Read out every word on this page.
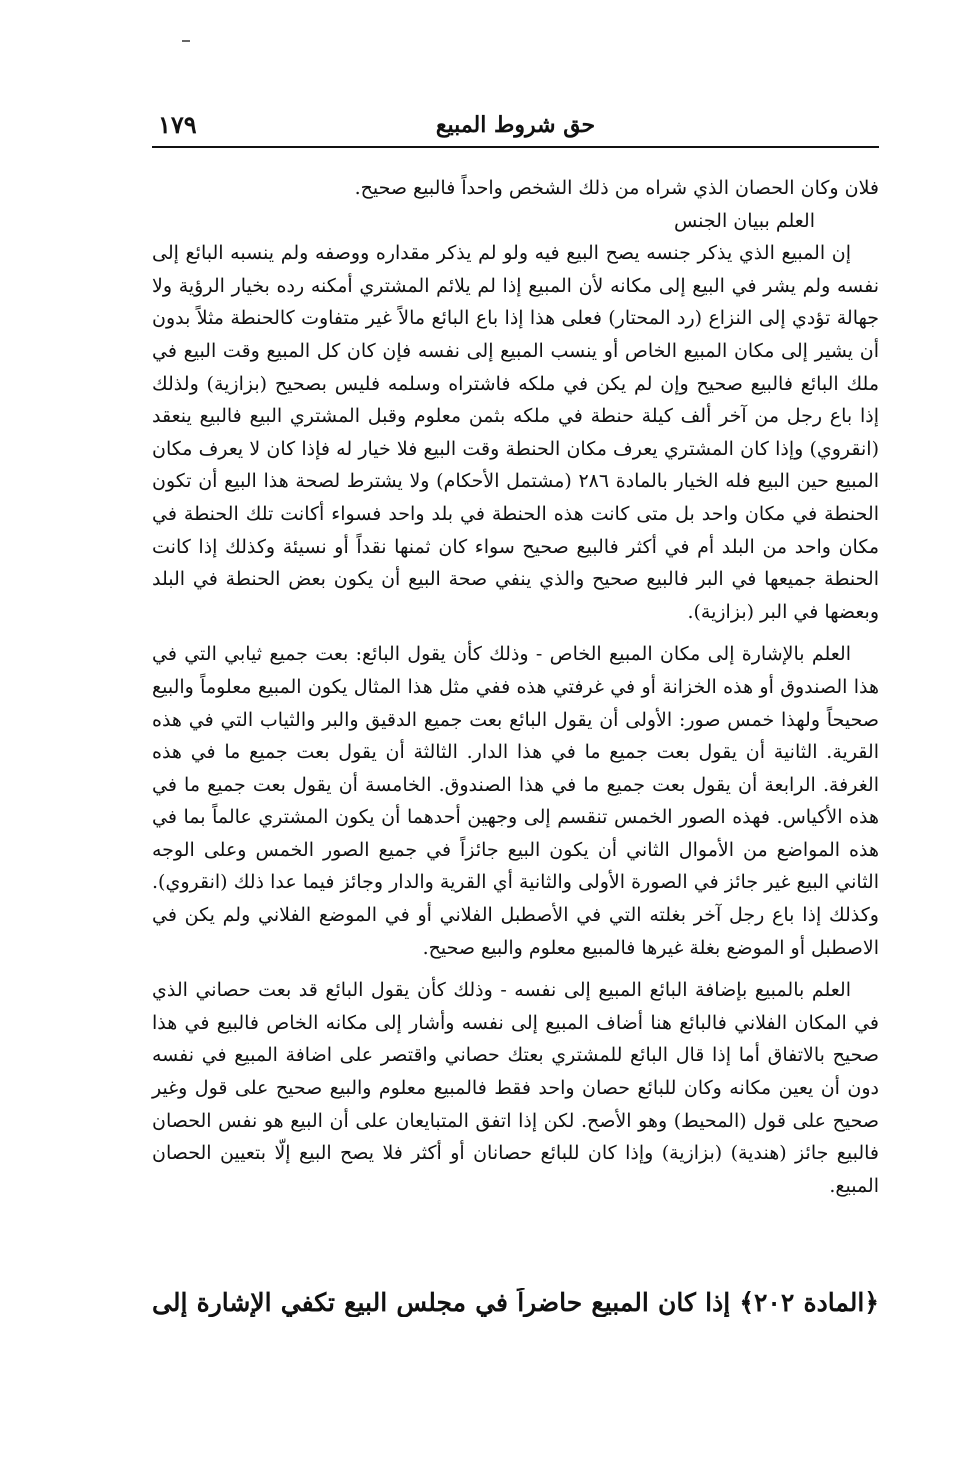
١٧٩	حق شروط المبيع

فلان وكان الحصان الذي شراه من ذلك الشخص واحداً فالبيع صحيح.

العلم ببيان الجنس

إن المبيع الذي يذكر جنسه يصح البيع فيه ولو لم يذكر مقداره ووصفه ولم ينسبه البائع إلى نفسه ولم يشر في البيع إلى مكانه لأن المبيع إذا لم يلائم المشتري أمكنه رده بخيار الرؤية ولا جهالة تؤدي إلى النزاع (رد المحتار) فعلى هذا إذا باع البائع مالاً غير متفاوت كالحنطة مثلاً بدون أن يشير إلى مكان المبيع الخاص أو ينسب المبيع إلى نفسه فإن كان كل المبيع وقت البيع في ملك البائع فالبيع صحيح وإن لم يكن في ملكه فاشتراه وسلمه فليس بصحيح (بزازية) ولذلك إذا باع رجل من آخر ألف كيلة حنطة في ملكه بثمن معلوم وقبل المشتري البيع فالبيع ينعقد (انقروي) وإذا كان المشتري يعرف مكان الحنطة وقت البيع فلا خيار له فإذا كان لا يعرف مكان المبيع حين البيع فله الخيار بالمادة ٢٨٦ (مشتمل الأحكام) ولا يشترط لصحة هذا البيع أن تكون الحنطة في مكان واحد بل متى كانت هذه الحنطة في بلد واحد فسواء أكانت تلك الحنطة في مكان واحد من البلد أم في أكثر فالبيع صحيح سواء كان ثمنها نقداً أو نسيئة وكذلك إذا كانت الحنطة جميعها في البر فالبيع صحيح والذي ينفي صحة البيع أن يكون بعض الحنطة في البلد وبعضها في البر (بزازية).

العلم بالإشارة إلى مكان المبيع الخاص - وذلك كأن يقول البائع: بعت جميع ثيابي التي في هذا الصندوق أو هذه الخزانة أو في غرفتي هذه ففي مثل هذا المثال يكون المبيع معلوماً والبيع صحيحاً ولهذا خمس صور: الأولى أن يقول البائع بعت جميع الدقيق والبر والثياب التي في هذه القرية. الثانية أن يقول بعت جميع ما في هذا الدار. الثالثة أن يقول بعت جميع ما في هذه الغرفة. الرابعة أن يقول بعت جميع ما في هذا الصندوق. الخامسة أن يقول بعت جميع ما في هذه الأكياس. فهذه الصور الخمس تنقسم إلى وجهين أحدهما أن يكون المشتري عالماً بما في هذه المواضع من الأموال الثاني أن يكون البيع جائزاً في جميع الصور الخمس وعلى الوجه الثاني البيع غير جائز في الصورة الأولى والثانية أي القرية والدار وجائز فيما عدا ذلك (انقروي). وكذلك إذا باع رجل آخر بغلته التي في الأصطبل الفلاني أو في الموضع الفلاني ولم يكن في الاصطبل أو الموضع بغلة غيرها فالمبيع معلوم والبيع صحيح.

العلم بالمبيع بإضافة البائع المبيع إلى نفسه - وذلك كأن يقول البائع قد بعت حصاني الذي في المكان الفلاني فالبائع هنا أضاف المبيع إلى نفسه وأشار إلى مكانه الخاص فالبيع في هذا صحيح بالاتفاق أما إذا قال البائع للمشتري بعتك حصاني واقتصر على اضافة المبيع في نفسه دون أن يعين مكانه وكان للبائع حصان واحد فقط فالمبيع معلوم والبيع صحيح على قول وغير صحيح على قول (المحيط) وهو الأصح. لكن إذا اتفق المتبايعان على أن البيع هو نفس الحصان فالبيع جائز (هندية) (بزازية) وإذا كان للبائع حصانان أو أكثر فلا يصح البيع إلّا بتعيين الحصان المبيع.

﴿المادة ٢٠٢﴾ إذا كان المبيع حاضراً في مجلس البيع تكفي الإشارة إلى
